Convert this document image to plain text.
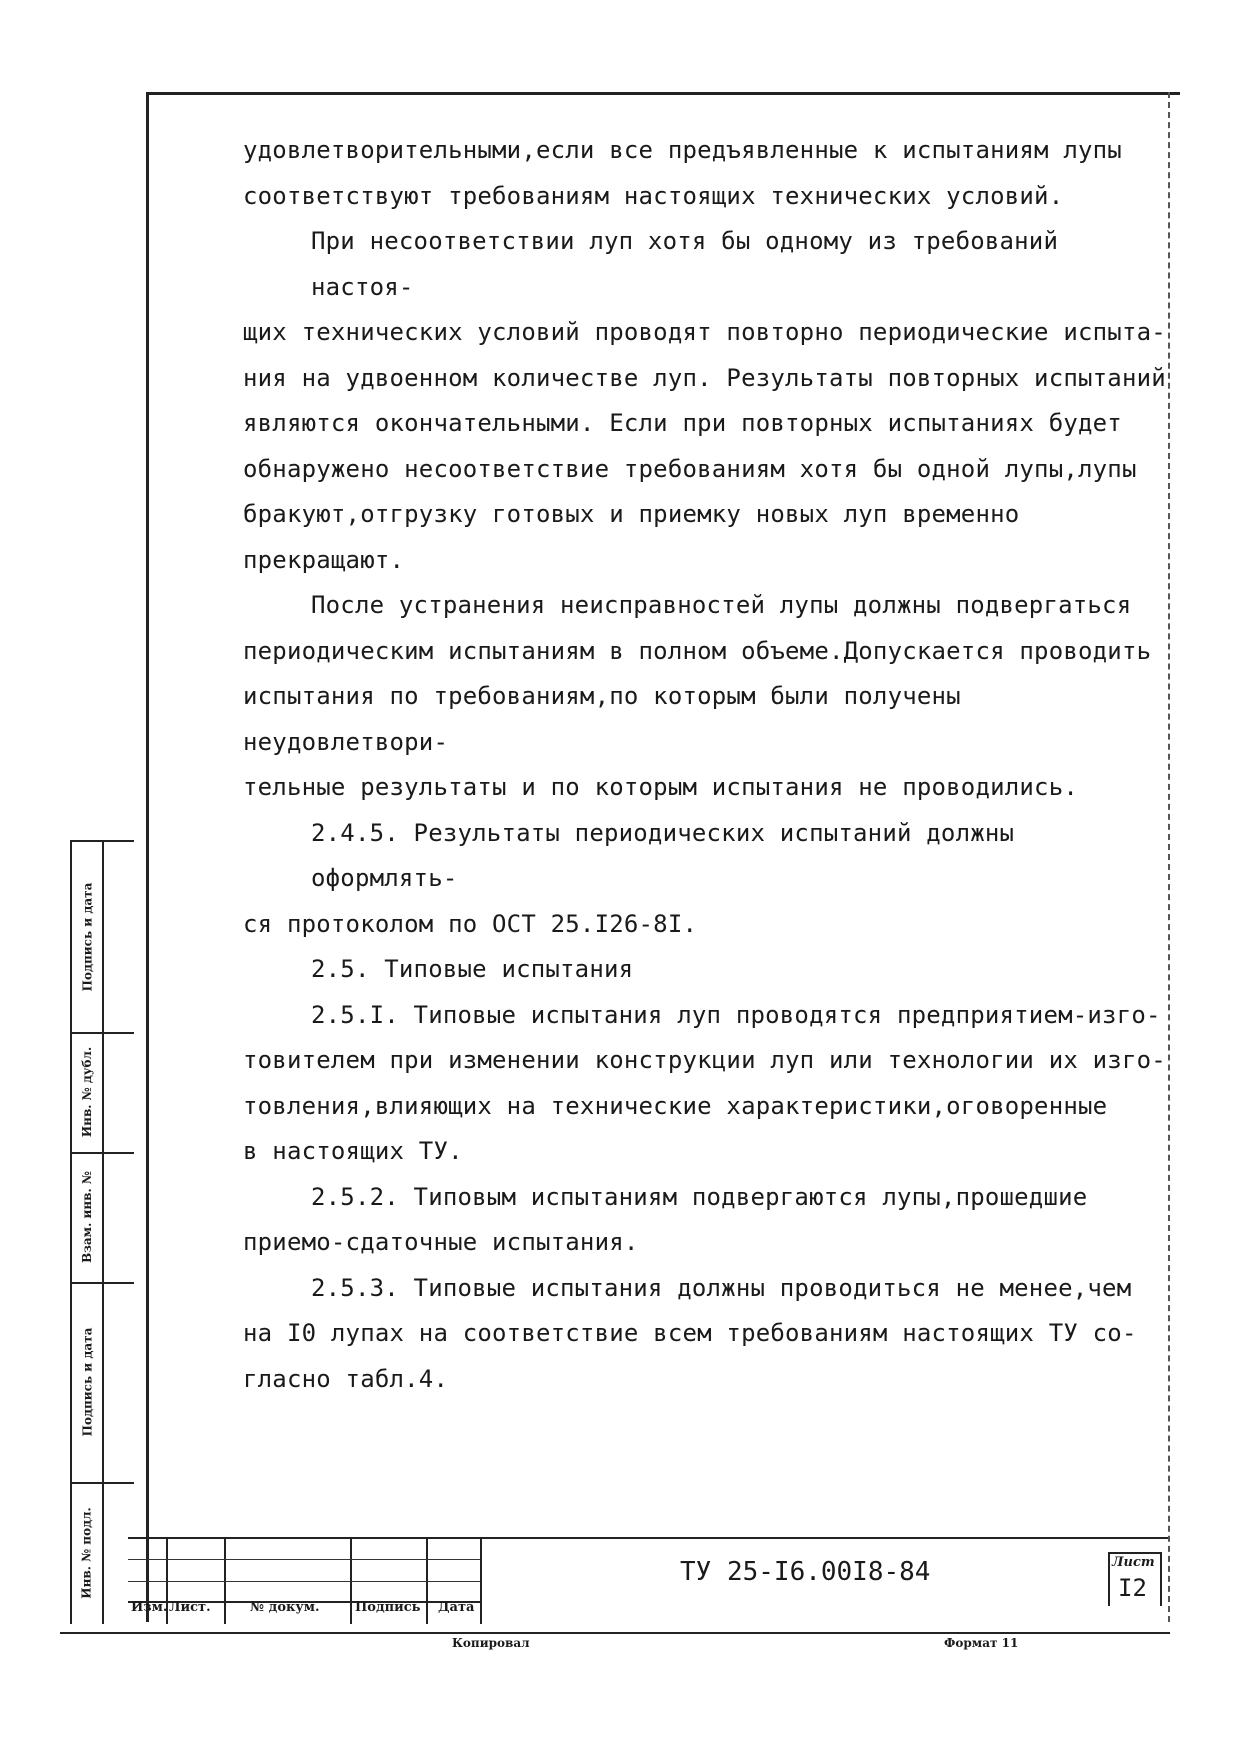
удовлетворительными,если все предъявленные к испытаниям лупы
соответствуют требованиям настоящих технических условий.

При несоответствии луп хотя бы одному из требований настоя-

щих технических условий проводят повторно периодические испыта-
ния на удвоенном количестве луп. Результаты повторных испытаний
являются окончательными. Если при повторных испытаниях будет
обнаружено несоответствие требованиям хотя бы одной лупы,лупы
бракуют,отгрузку готовых и приемку новых луп временно прекращают.

После устранения неисправностей лупы должны подвергаться

периодическим испытаниям в полном объеме.Допускается проводить
испытания по требованиям,по которым были получены неудовлетвори-
тельные результаты и по которым испытания не проводились.

2.4.5. Результаты периодических испытаний должны оформлять-

ся протоколом по ОСТ 25.I26-8I.

2.5. Типовые испытания

2.5.I. Типовые испытания луп проводятся предприятием-изго-

товителем при изменении конструкции луп или технологии их изго-
товления,влияющих на технические характеристики,оговоренные
в настоящих ТУ.

2.5.2. Типовым испытаниям подвергаются лупы,прошедшие

приемо-сдаточные испытания.

2.5.3. Типовые испытания должны проводиться не менее,чем

на I0 лупах на соответствие всем требованиям настоящих ТУ со-
гласно табл.4.

Подпись и дата
Инв. № дубл.
Взам. инв. №
Подпись и дата
Инв. № подл.
Изм. Лист.	№ докум.	Подпись Дата
ТУ 25-I6.00I8-84	Лист
I2
Копировал	Формат 11
